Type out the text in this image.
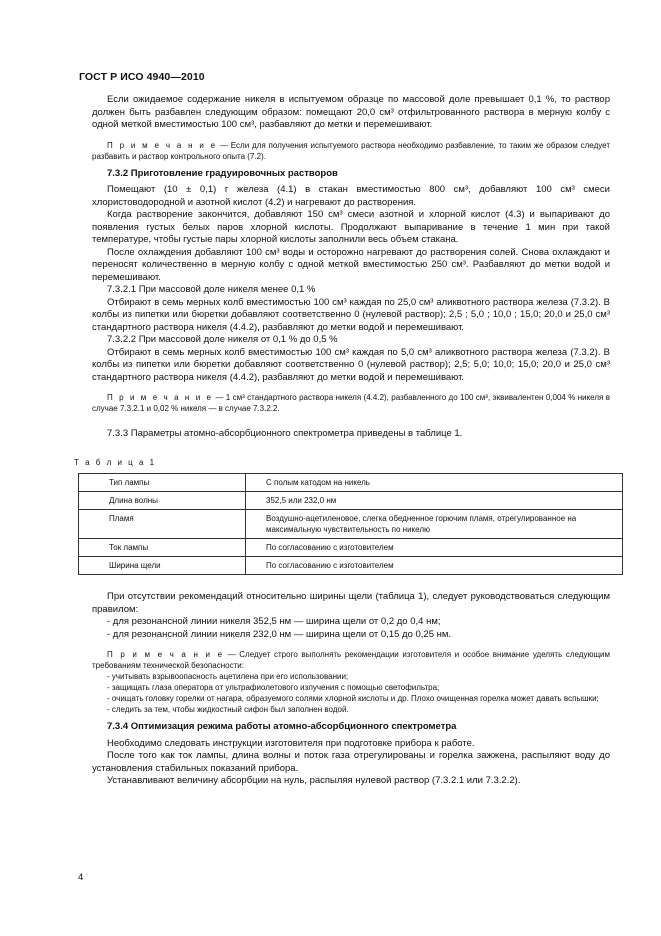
ГОСТ Р ИСО 4940—2010

Если ожидаемое содержание никеля в испытуемом образце по массовой доле превышает 0,1 %, то раствор должен быть разбавлен следующим образом: помещают 20,0 см³ отфильтрованного раствора в мерную колбу с одной меткой вместимостью 100 см³, разбавляют до метки и перемешивают.

П р и м е ч а н и е — Если для получения испытуемого раствора необходимо разбавление, то таким же образом следует разбавить и раствор контрольного опыта (7.2).

7.3.2 Приготовление градуировочных растворов

Помещают (10 ± 0,1) г железа (4.1) в стакан вместимостью 800 см³, добавляют 100 см³ смеси хлористоводородной и азотной кислот (4.2) и нагревают до растворения.

Когда растворение закончится, добавляют 150 см³ смеси азотной и хлорной кислот (4.3) и выпаривают до появления густых белых паров хлорной кислоты. Продолжают выпаривание в течение 1 мин при такой температуре, чтобы густые пары хлорной кислоты заполнили весь объем стакана.

После охлаждения добавляют 100 см³ воды и осторожно нагревают до растворения солей. Снова охлаждают и переносят количественно в мерную колбу с одной меткой вместимостью 250 см³. Разбавляют до метки водой и перемешивают.

7.3.2.1 При массовой доле никеля менее 0,1 %

Отбирают в семь мерных колб вместимостью 100 см³ каждая по 25,0 см³ аликвотного раствора железа (7.3.2). В колбы из пипетки или бюретки добавляют соответственно 0 (нулевой раствор); 2,5 ; 5,0 ; 10,0 ; 15,0; 20,0 и 25,0 см³ стандартного раствора никеля (4.4.2), разбавляют до метки водой и перемешивают.

7.3.2.2 При массовой доле никеля от 0,1 % до 0,5 %

Отбирают в семь мерных колб вместимостью 100 см³ каждая по 5,0 см³ аликвотного раствора железа (7.3.2). В колбы из пипетки или бюретки добавляют соответственно 0 (нулевой раствор); 2,5; 5,0; 10,0; 15,0; 20,0 и 25,0 см³ стандартного раствора никеля (4.4.2), разбавляют до метки водой и перемешивают.

П р и м е ч а н и е — 1 см³ стандартного раствора никеля (4.4.2), разбавленного до 100 см³, эквивалентен 0,004 % никеля в случае 7.3.2.1 и 0,02 % никеля — в случае 7.3.2.2.

7.3.3 Параметры атомно-абсорбционного спектрометра приведены в таблице 1.

Т а б л и ц а 1
Тип лампы	С полым катодом на никель
Длина волны	352,5 или 232,0 нм
Пламя	Воздушно-ацетиленовое, слегка обедненное горючим пламя, отрегулированное на максимальную чувствительность по никелю
Ток лампы	По согласованию с изготовителем
Ширина щели	По согласованию с изготовителем

При отсутствии рекомендаций относительно ширины щели (таблица 1), следует руководствоваться следующим правилом:

- для резонансной линии никеля 352,5 нм — ширина щели от 0,2 до 0,4 нм;

- для резонансной линии никеля 232,0 нм — ширина щели от 0,15 до 0,25 нм.

П р и м е ч а н и е — Следует строго выполнять рекомендации изготовителя и особое внимание уделять следующим требованиям технической безопасности:

- учитывать взрывоопасность ацетилена при его использовании;

- защищать глаза оператора от ультрафиолетового излучения с помощью светофильтра;

- очищать головку горелки от нагара, образуемого солями хлорной кислоты и др. Плохо очищенная горелка может давать вспышки;

- следить за тем, чтобы жидкостный сифон был заполнен водой.

7.3.4 Оптимизация режима работы атомно-абсорбционного спектрометра

Необходимо следовать инструкции изготовителя при подготовке прибора к работе.

После того как ток лампы, длина волны и поток газа отрегулированы и горелка зажжена, распыляют воду до установления стабильных показаний прибора.

Устанавливают величину абсорбции на нуль, распыляя нулевой раствор (7.3.2.1 или 7.3.2.2).

4
